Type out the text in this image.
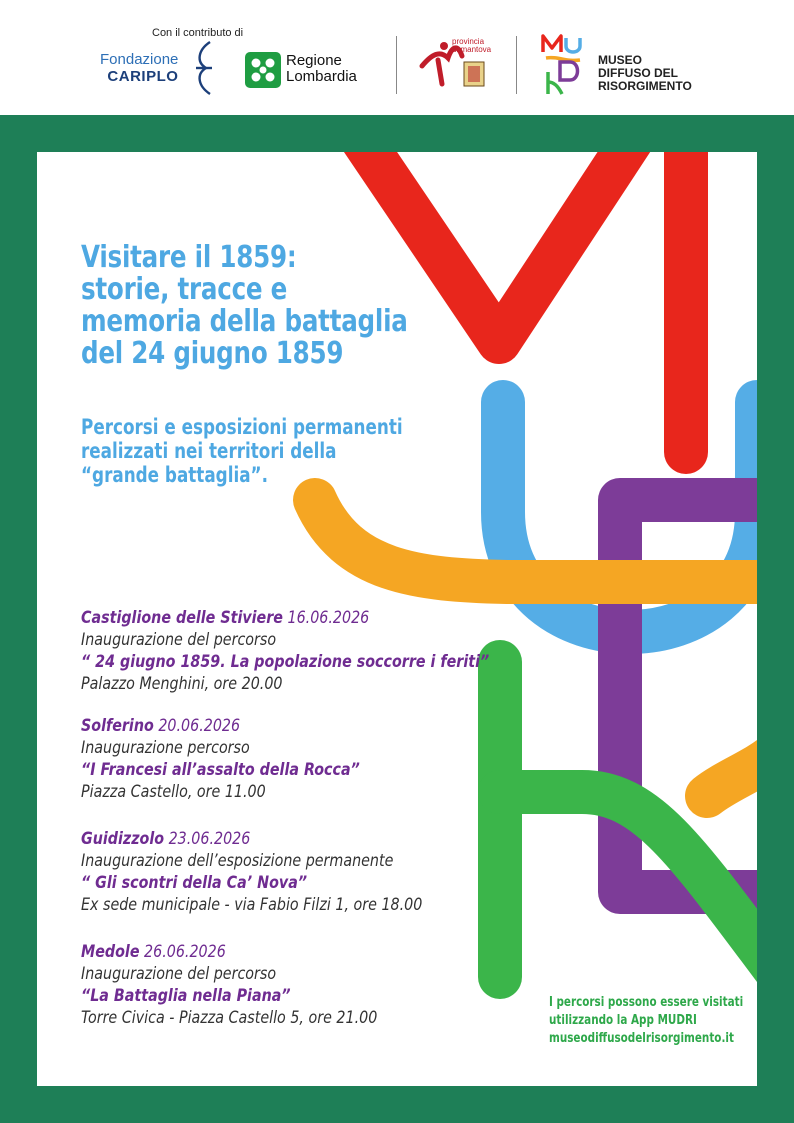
Con il contributo di
Fondazione
CARIPLO
Regione
Lombardia
provincia
di mantova
MUSEO
DIFFUSO DEL
RISORGIMENTO
Visitare il 1859:
storie, tracce e
memoria della battaglia
del 24 giugno 1859
Percorsi e esposizioni permanenti
realizzati nei territori della
“grande battaglia”.
Castiglione delle Stiviere 16.06.2026
Inaugurazione del percorso
“ 24 giugno 1859. La popolazione soccorre i feriti”
Palazzo Menghini, ore 20.00
Solferino 20.06.2026
Inaugurazione percorso
“I Francesi all’assalto della Rocca”
Piazza Castello, ore 11.00
Guidizzolo 23.06.2026
Inaugurazione dell’esposizione permanente
“ Gli scontri della Ca’ Nova”
Ex sede municipale - via Fabio Filzi 1, ore 18.00
Medole 26.06.2026
Inaugurazione del percorso
“La Battaglia nella Piana”
Torre Civica - Piazza Castello 5, ore 21.00
I percorsi possono essere visitati
utilizzando la App MUDRI
museodiffusodelrisorgimento.it
